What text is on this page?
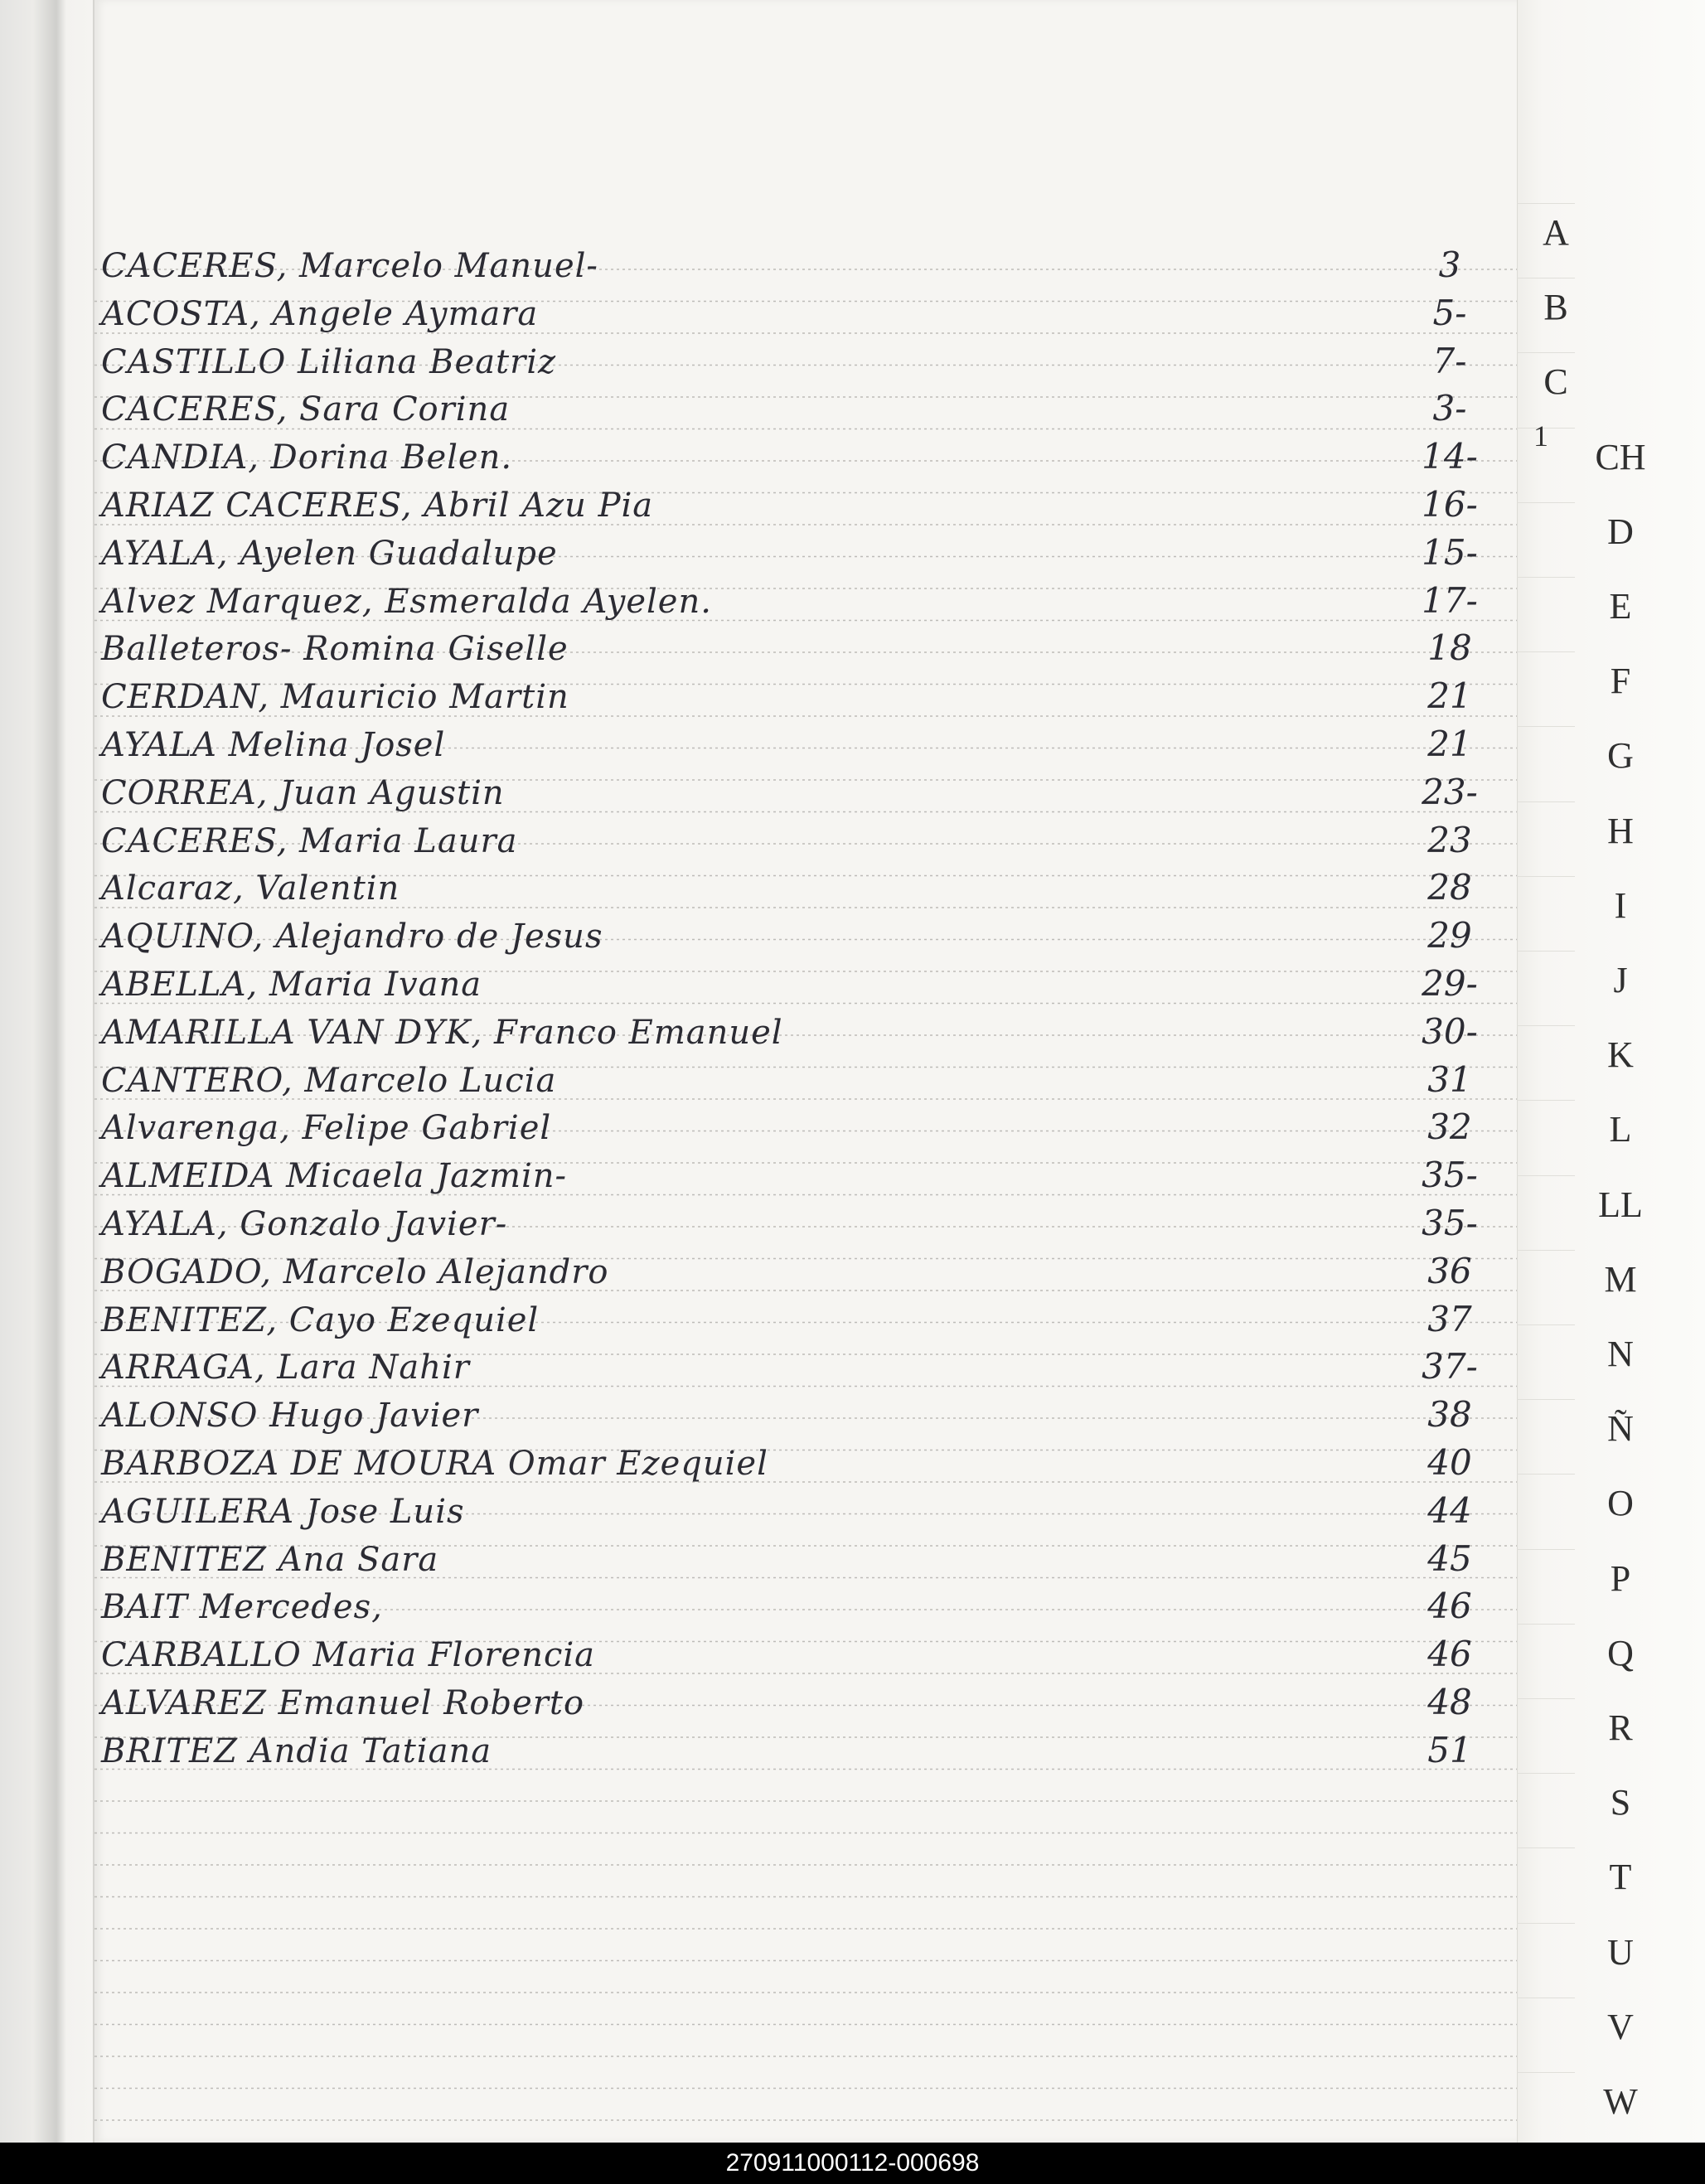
CACERES, Marcelo Manuel-	3
ACOSTA, Angele Aymara	5-
CASTILLO Liliana Beatriz	7-
CACERES, Sara Corina	3-
CANDIA, Dorina Belen.	14-
ARIAZ CACERES, Abril Azu Pia	16-
AYALA, Ayelen Guadalupe	15-
Alvez Marquez, Esmeralda Ayelen.	17-
Balleteros- Romina Giselle	18
CERDAN, Mauricio Martin	21
AYALA Melina Josel	21
CORREA, Juan Agustin	23-
CACERES, Maria Laura	23
Alcaraz, Valentin	28
AQUINO, Alejandro de Jesus	29
ABELLA, Maria Ivana	29-
AMARILLA VAN DYK, Franco Emanuel	30-
CANTERO, Marcelo Lucia	31
Alvarenga, Felipe Gabriel	32
ALMEIDA Micaela Jazmin-	35-
AYALA, Gonzalo Javier-	35-
BOGADO, Marcelo Alejandro	36
BENITEZ, Cayo Ezequiel	37
ARRAGA, Lara Nahir	37-
ALONSO Hugo Javier	38
BARBOZA DE MOURA Omar Ezequiel	40
AGUILERA Jose Luis	44
BENITEZ Ana Sara	45
BAIT Mercedes,	46
CARBALLO Maria Florencia	46
ALVAREZ Emanuel Roberto	48
BRITEZ Andia Tatiana	51
A
B
C
CH
D
E
F
G
H
I
J
K
L
LL
M
N
Ñ
O
P
Q
R
S
T
U
V
W
1
270911000112-000698
